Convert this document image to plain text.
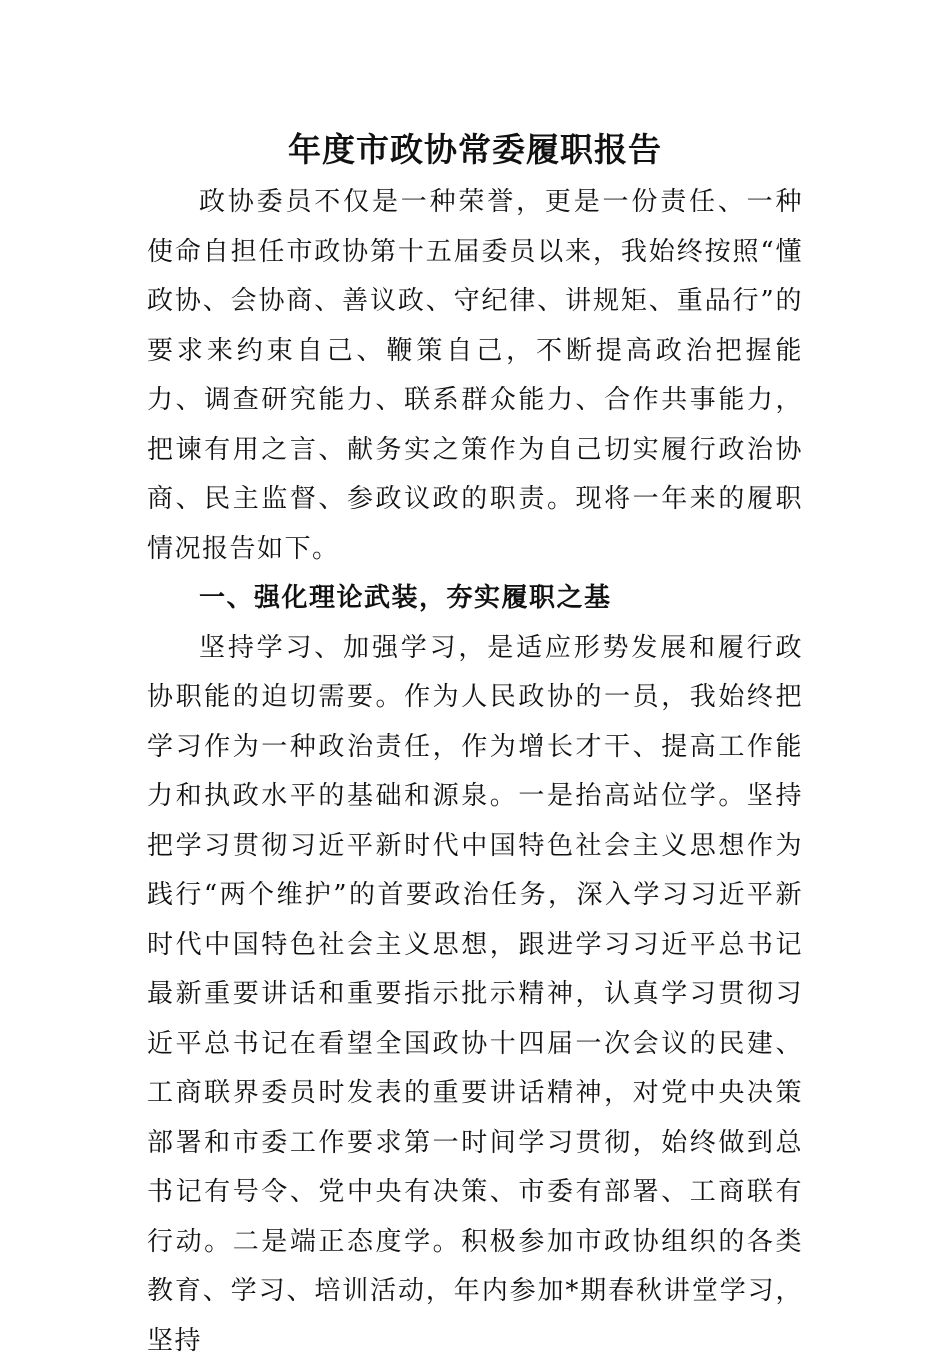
年度市政协常委履职报告

政协委员不仅是一种荣誉，更是一份责任、一种使命自担任市政协第十五届委员以来，我始终按照“懂政协、会协商、善议政、守纪律、讲规矩、重品行”的要求来约束自己、鞭策自己，不断提高政治把握能力、调查研究能力、联系群众能力、合作共事能力，把谏有用之言、献务实之策作为自己切实履行政治协商、民主监督、参政议政的职责。现将一年来的履职情况报告如下。

一、强化理论武装，夯实履职之基

坚持学习、加强学习，是适应形势发展和履行政协职能的迫切需要。作为人民政协的一员，我始终把学习作为一种政治责任，作为增长才干、提高工作能力和执政水平的基础和源泉。一是抬高站位学。坚持把学习贯彻习近平新时代中国特色社会主义思想作为践行“两个维护”的首要政治任务，深入学习习近平新时代中国特色社会主义思想，跟进学习习近平总书记最新重要讲话和重要指示批示精神，认真学习贯彻习近平总书记在看望全国政协十四届一次会议的民建、工商联界委员时发表的重要讲话精神，对党中央决策部署和市委工作要求第一时间学习贯彻，始终做到总书记有号令、党中央有决策、市委有部署、工商联有行动。二是端正态度学。积极参加市政协组织的各类教育、学习、培训活动，年内参加*期春秋讲堂学习，坚持
